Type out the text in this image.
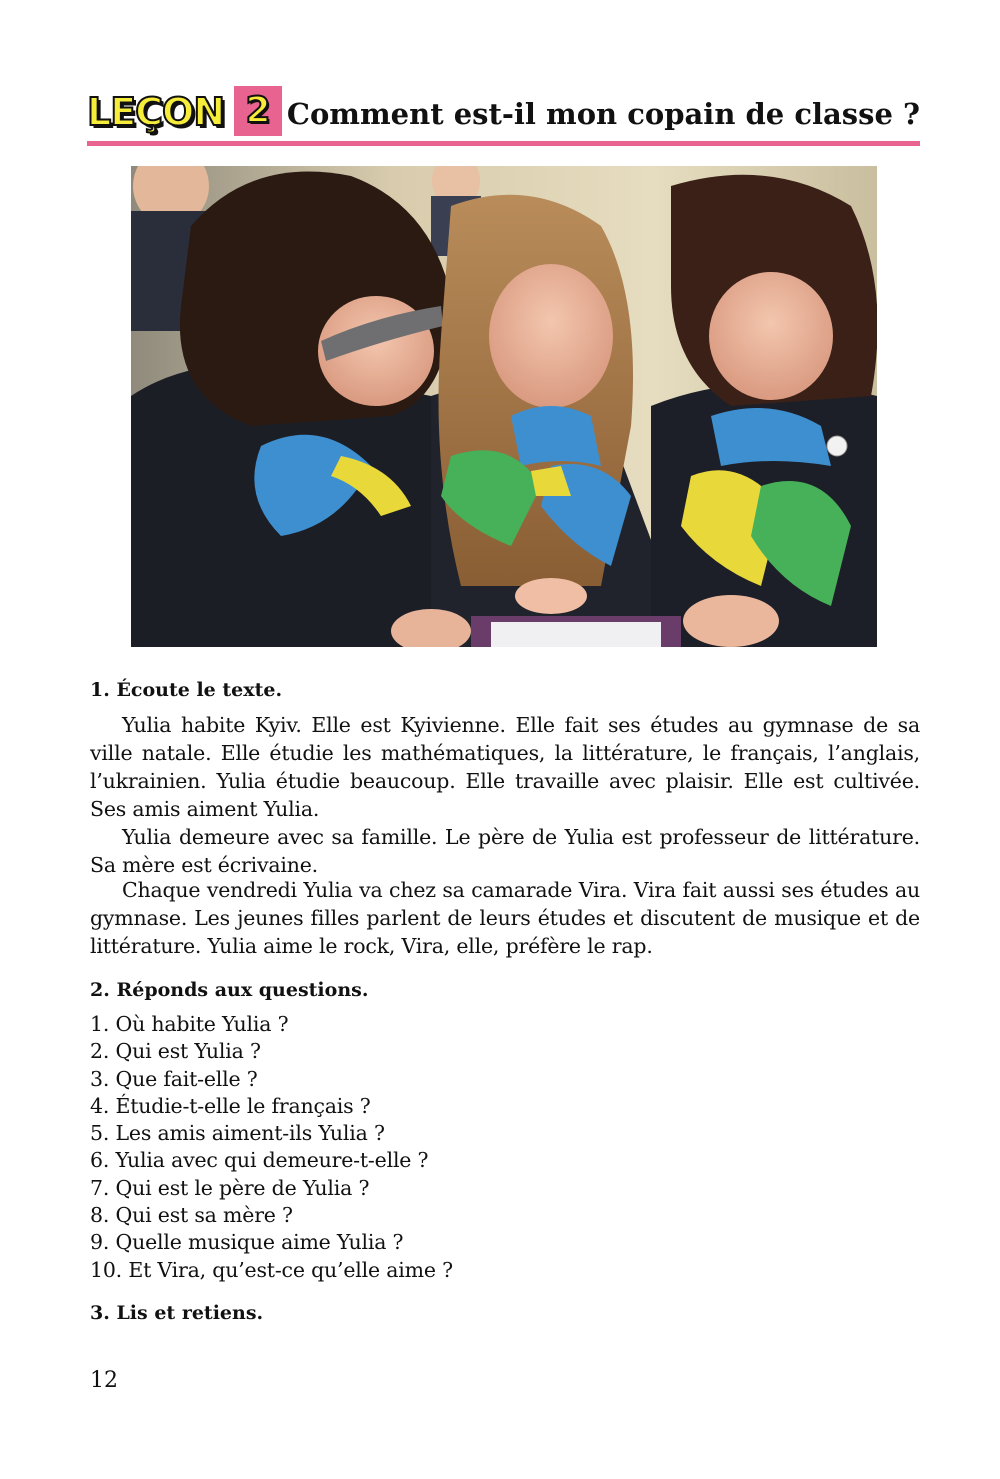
LEÇON 2 Comment est-il mon copain de classe ?
1. Écoute le texte.
Yulia habite Kyiv. Elle est Kyivienne. Elle fait ses études au gymnase de sa ville natale. Elle étudie les mathématiques, la littérature, le français, l’anglais, l’ukrainien. Yulia étudie beaucoup. Elle travaille avec plaisir. Elle est cultivée. Ses amis aiment Yulia.
Yulia demeure avec sa famille. Le père de Yulia est professeur de littérature. Sa mère est écrivaine.
Chaque vendredi Yulia va chez sa camarade Vira. Vira fait aussi ses études au gymnase. Les jeunes filles parlent de leurs études et discutent de musique et de littérature. Yulia aime le rock, Vira, elle, préfère le rap.
2. Réponds aux questions.
1. Où habite Yulia ?
2. Qui est Yulia ?
3. Que fait-elle ?
4. Étudie-t-elle le français ?
5. Les amis aiment-ils Yulia ?
6. Yulia avec qui demeure-t-elle ?
7. Qui est le père de Yulia ?
8. Qui est sa mère ?
9. Quelle musique aime Yulia ?
10. Et Vira, qu’est-ce qu’elle aime ?
3. Lis et retiens.
12
